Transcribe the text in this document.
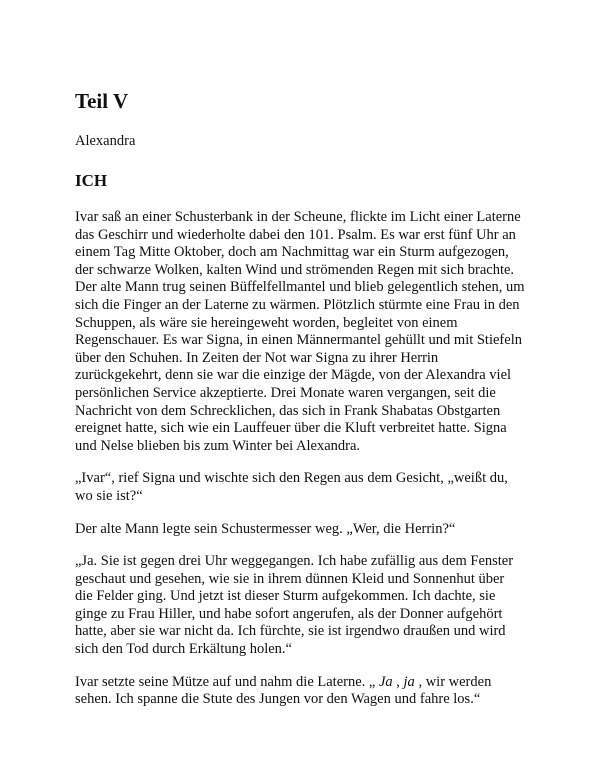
Teil V
Alexandra
ICH

Ivar saß an einer Schusterbank in der Scheune, flickte im Licht einer Laterne das Geschirr und wiederholte dabei den 101. Psalm. Es war erst fünf Uhr an einem Tag Mitte Oktober, doch am Nachmittag war ein Sturm aufgezogen, der schwarze Wolken, kalten Wind und strömenden Regen mit sich brachte. Der alte Mann trug seinen Büffelfellmantel und blieb gelegentlich stehen, um sich die Finger an der Laterne zu wärmen. Plötzlich stürmte eine Frau in den Schuppen, als wäre sie hereingeweht worden, begleitet von einem Regenschauer. Es war Signa, in einen Männermantel gehüllt und mit Stiefeln über den Schuhen. In Zeiten der Not war Signa zu ihrer Herrin zurückgekehrt, denn sie war die einzige der Mägde, von der Alexandra viel persönlichen Service akzeptierte. Drei Monate waren vergangen, seit die Nachricht von dem Schrecklichen, das sich in Frank Shabatas Obstgarten ereignet hatte, sich wie ein Lauffeuer über die Kluft verbreitet hatte. Signa und Nelse blieben bis zum Winter bei Alexandra.

„Ivar“, rief Signa und wischte sich den Regen aus dem Gesicht, „weißt du, wo sie ist?“

Der alte Mann legte sein Schustermesser weg. „Wer, die Herrin?“

„Ja. Sie ist gegen drei Uhr weggegangen. Ich habe zufällig aus dem Fenster geschaut und gesehen, wie sie in ihrem dünnen Kleid und Sonnenhut über die Felder ging. Und jetzt ist dieser Sturm aufgekommen. Ich dachte, sie ginge zu Frau Hiller, und habe sofort angerufen, als der Donner aufgehört hatte, aber sie war nicht da. Ich fürchte, sie ist irgendwo draußen und wird sich den Tod durch Erkältung holen.“

Ivar setzte seine Mütze auf und nahm die Laterne. „ Ja , ja , wir werden sehen. Ich spanne die Stute des Jungen vor den Wagen und fahre los.“
